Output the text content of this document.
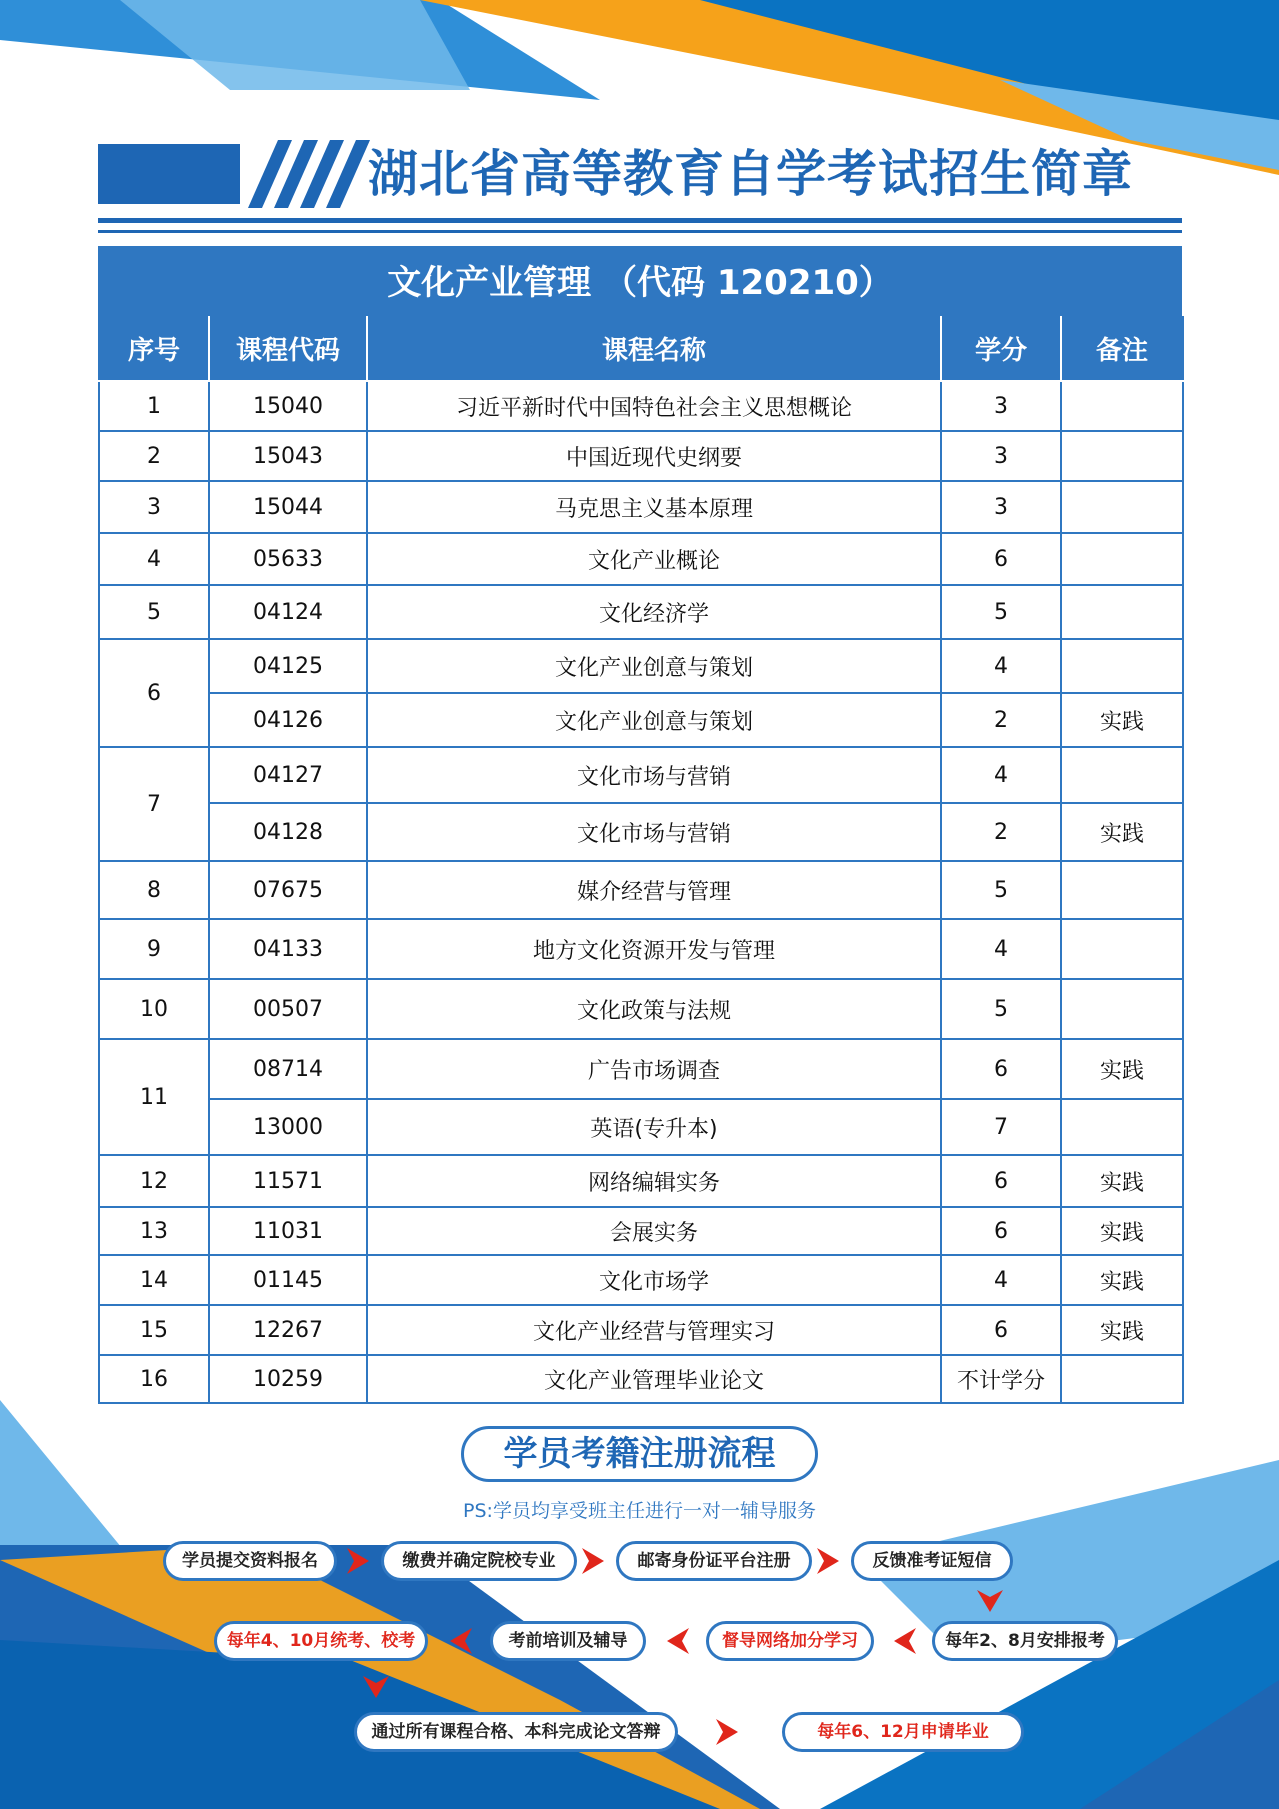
湖北省高等教育自学考试招生简章
文化产业管理 （代码 120210）
序号	课程代码	课程名称	学分	备注
1	15040	习近平新时代中国特色社会主义思想概论	3	
2	15043	中国近现代史纲要	3	
3	15044	马克思主义基本原理	3	
4	05633	文化产业概论	6	
5	04124	文化经济学	5	
6	04125	文化产业创意与策划	4	
	04126	文化产业创意与策划	2	实践
7	04127	文化市场与营销	4	
	04128	文化市场与营销	2	实践
8	07675	媒介经营与管理	5	
9	04133	地方文化资源开发与管理	4	
10	00507	文化政策与法规	5	
11	08714	广告市场调查	6	实践
	13000	英语(专升本)	7	
12	11571	网络编辑实务	6	实践
13	11031	会展实务	6	实践
14	01145	文化市场学	4	实践
15	12267	文化产业经营与管理实习	6	实践
16	10259	文化产业管理毕业论文	不计学分	
学员考籍注册流程
PS:学员均享受班主任进行一对一辅导服务
学员提交资料报名	缴费并确定院校专业	邮寄身份证平台注册	反馈准考证短信
每年2、8月安排报考
督导网络加分学习
考前培训及辅导
每年4、10月统考、校考
通过所有课程合格、本科完成论文答辩	每年6、12月申请毕业
